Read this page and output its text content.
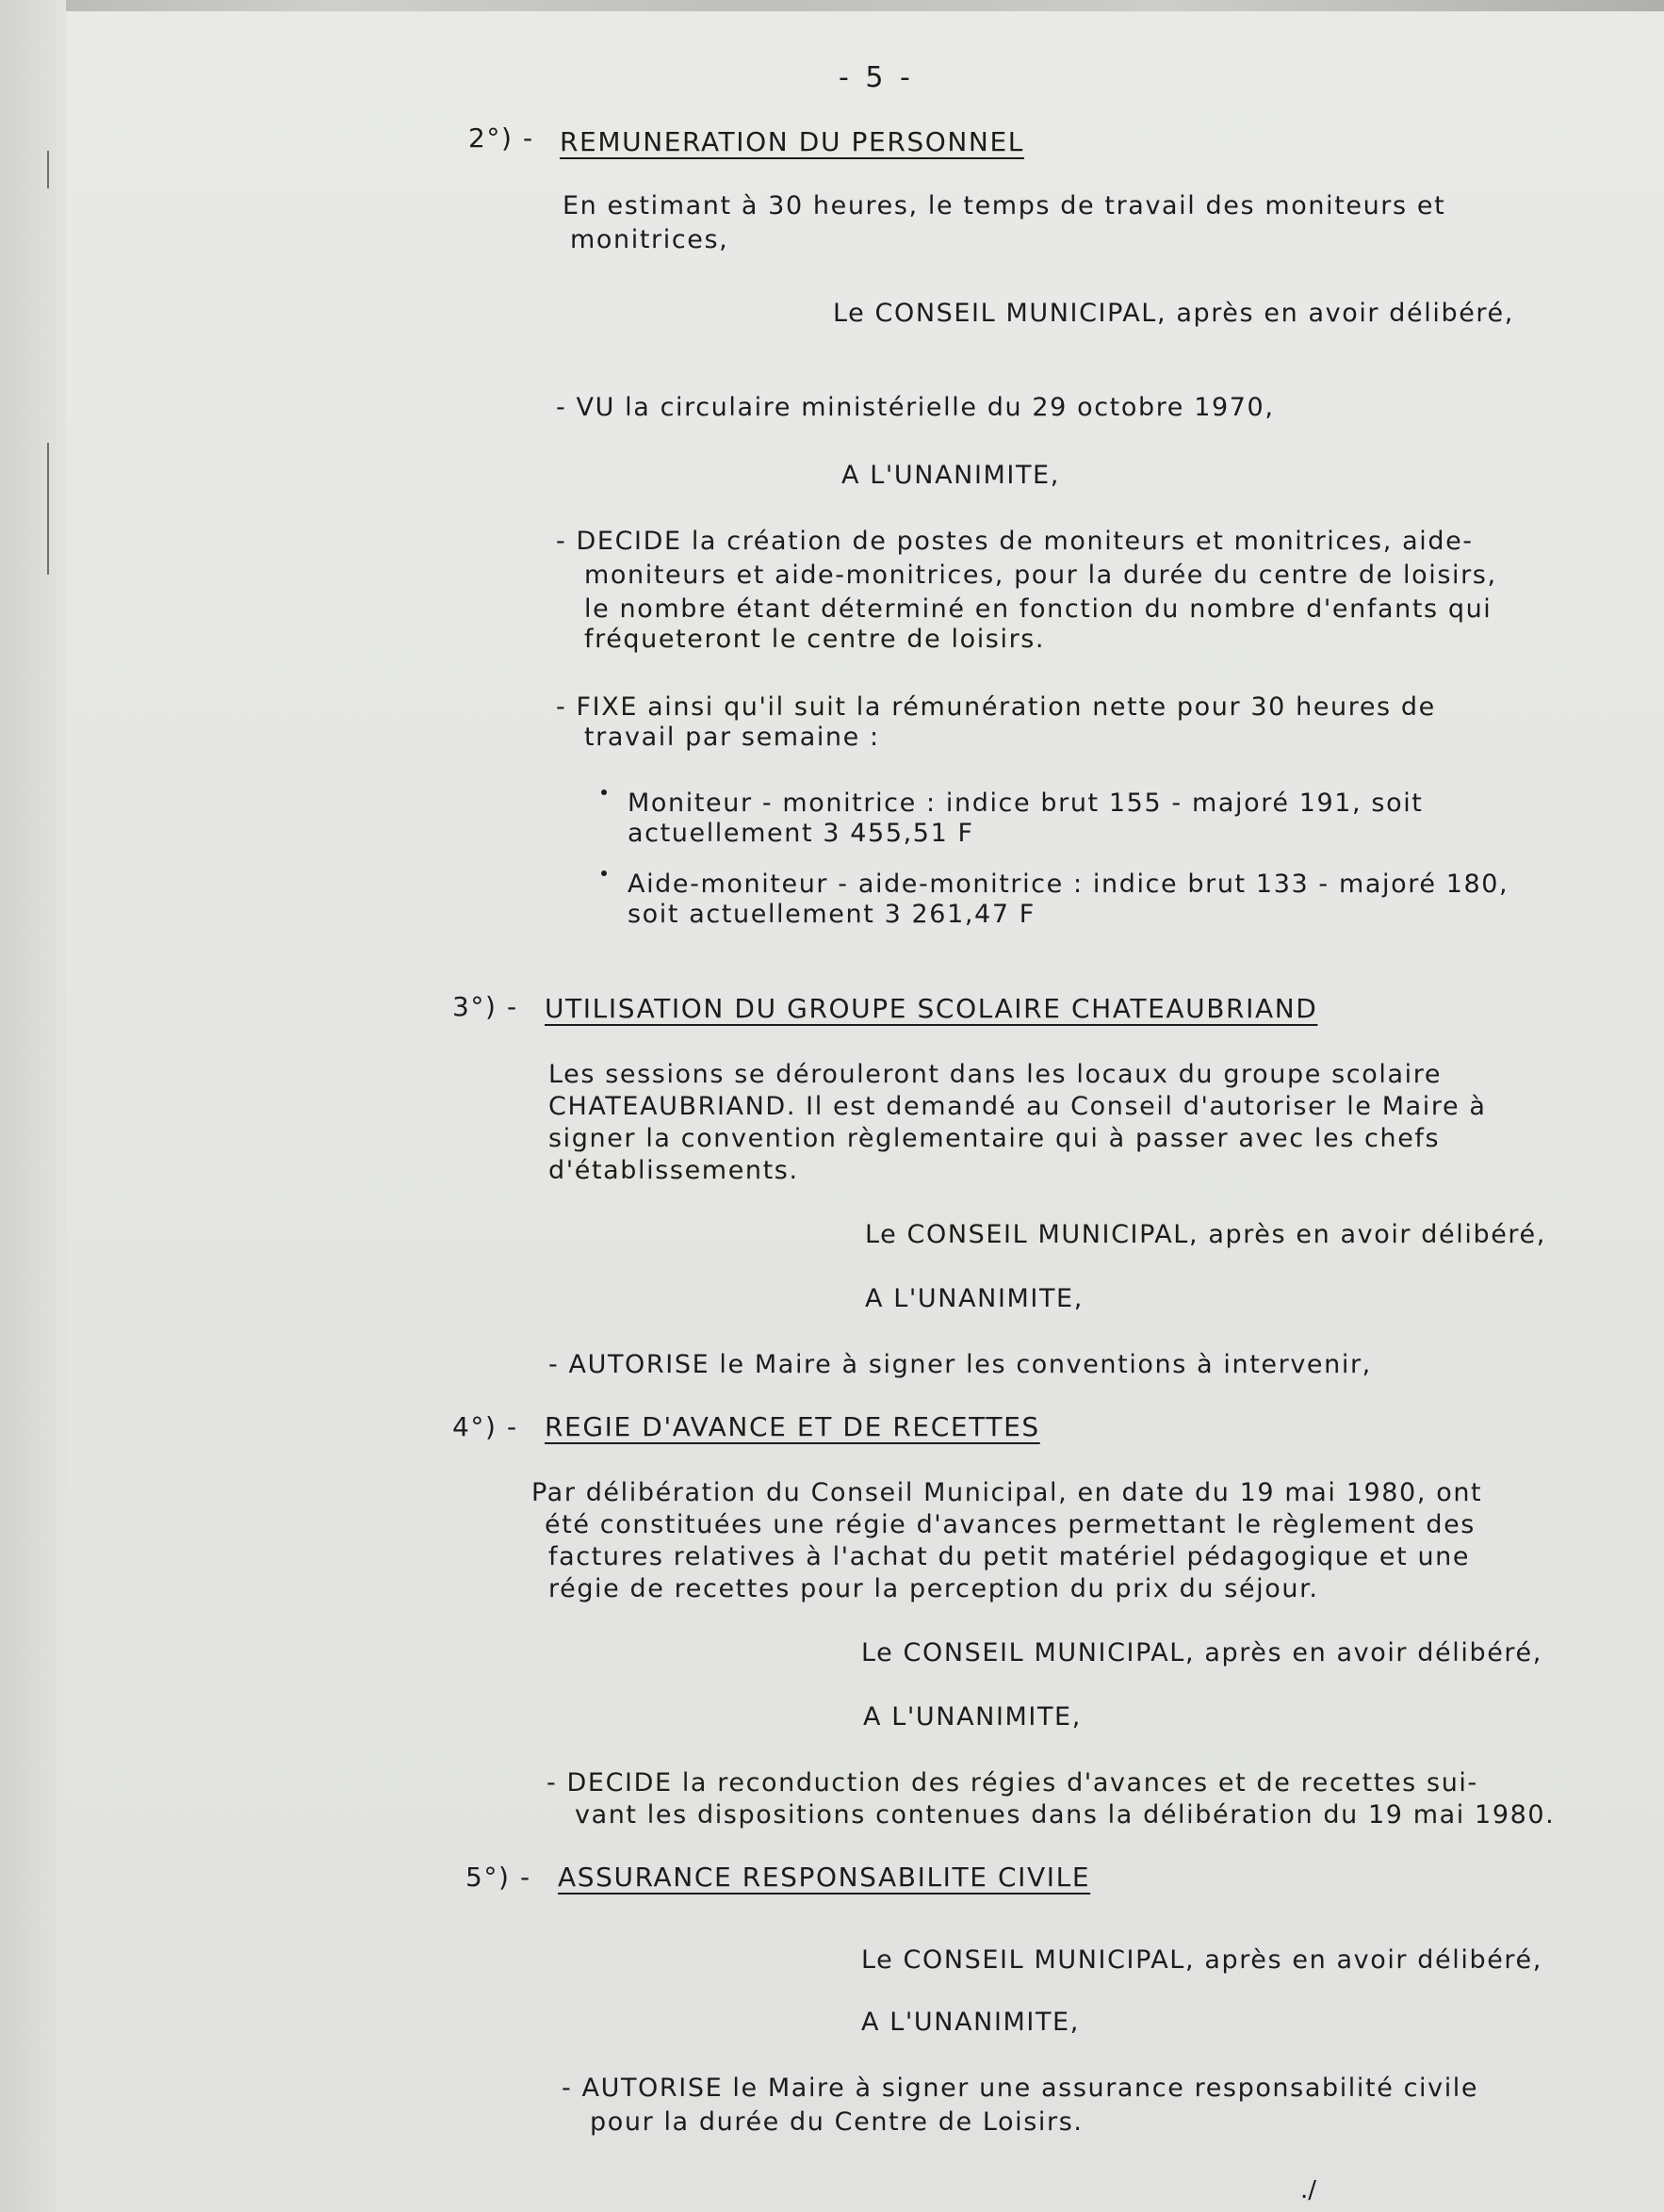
- 5 -
2°) - REMUNERATION DU PERSONNEL
En estimant à 30 heures, le temps de travail des moniteurs et
monitrices,
Le CONSEIL MUNICIPAL, après en avoir délibéré,
- VU la circulaire ministérielle du 29 octobre 1970,
A L'UNANIMITE,
- DECIDE la création de postes de moniteurs et monitrices, aide-
moniteurs et aide-monitrices, pour la durée du centre de loisirs,
le nombre étant déterminé en fonction du nombre d'enfants qui
fréqueteront le centre de loisirs.
- FIXE ainsi qu'il suit la rémunération nette pour 30 heures de
travail par semaine :
Moniteur - monitrice : indice brut 155 - majoré 191, soit
actuellement 3 455,51 F
Aide-moniteur - aide-monitrice : indice brut 133 - majoré 180,
soit actuellement 3 261,47 F
3°) - UTILISATION DU GROUPE SCOLAIRE CHATEAUBRIAND
Les sessions se dérouleront dans les locaux du groupe scolaire
CHATEAUBRIAND. Il est demandé au Conseil d'autoriser le Maire à
signer la convention règlementaire qui à passer avec les chefs
d'établissements.
Le CONSEIL MUNICIPAL, après en avoir délibéré,
A L'UNANIMITE,
- AUTORISE le Maire à signer les conventions à intervenir,
4°) - REGIE D'AVANCE ET DE RECETTES
Par délibération du Conseil Municipal, en date du 19 mai 1980, ont
été constituées une régie d'avances permettant le règlement des
factures relatives à l'achat du petit matériel pédagogique et une
régie de recettes pour la perception du prix du séjour.
Le CONSEIL MUNICIPAL, après en avoir délibéré,
A L'UNANIMITE,
- DECIDE la reconduction des régies d'avances et de recettes sui-
vant les dispositions contenues dans la délibération du 19 mai 1980.
5°) - ASSURANCE RESPONSABILITE CIVILE
Le CONSEIL MUNICIPAL, après en avoir délibéré,
A L'UNANIMITE,
- AUTORISE le Maire à signer une assurance responsabilité civile
pour la durée du Centre de Loisirs.
./
